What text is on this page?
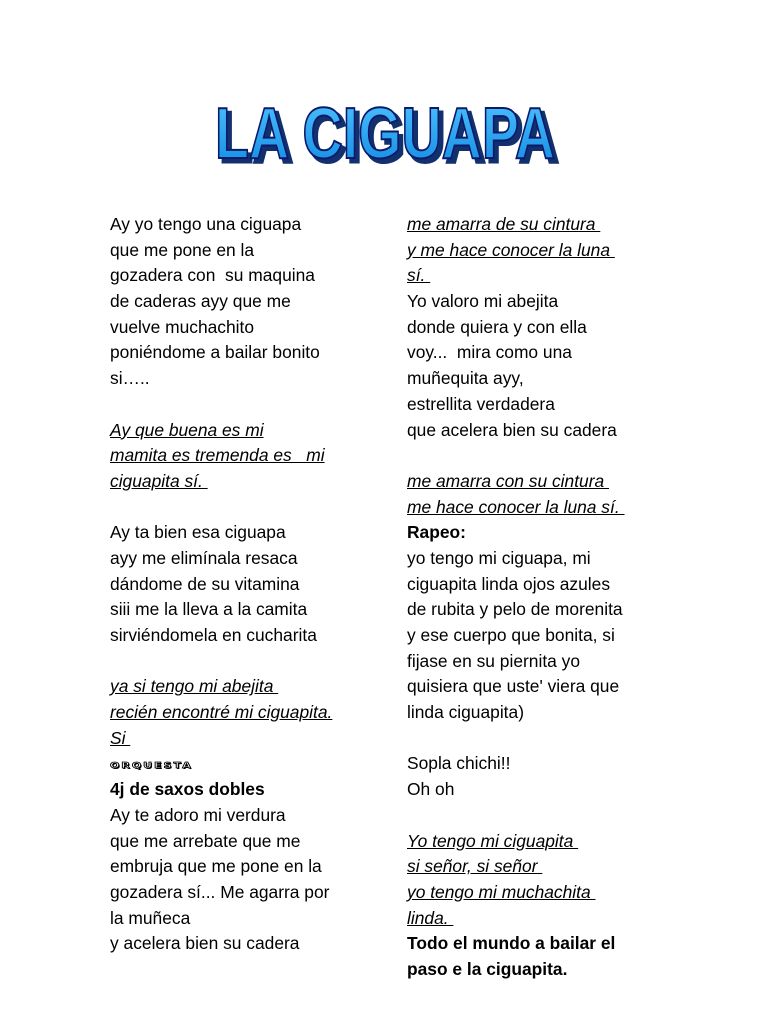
LA CIGUAPA
LA CIGUAPA
Ay yo tengo una ciguapa
que me pone en la
gozadera con  su maquina
de caderas ayy que me
vuelve muchachito
poniéndome a bailar bonito
si…..
Ay que buena es mi
mamita es tremenda es   mi
ciguapita sí.
Ay ta bien esa ciguapa
ayy me elimínala resaca
dándome de su vitamina
siii me la lleva a la camita
sirviéndomela en cucharita
ya si tengo mi abejita
recién encontré mi ciguapita.
Si
ORQUESTA
4j de saxos dobles
Ay te adoro mi verdura
que me arrebate que me
embruja que me pone en la
gozadera sí... Me agarra por
la muñeca
y acelera bien su cadera
me amarra de su cintura
y me hace conocer la luna
sí.
Yo valoro mi abejita
donde quiera y con ella
voy...  mira como una
muñequita ayy,
estrellita verdadera
que acelera bien su cadera
me amarra con su cintura
me hace conocer la luna sí.
Rapeo:
yo tengo mi ciguapa, mi
ciguapita linda ojos azules
de rubita y pelo de morenita
y ese cuerpo que bonita, si
fijase en su piernita yo
quisiera que uste' viera que
linda ciguapita)
Sopla chichi!!
Oh oh
Yo tengo mi ciguapita
si señor, si señor
yo tengo mi muchachita
linda.
Todo el mundo a bailar el
paso e la ciguapita.
